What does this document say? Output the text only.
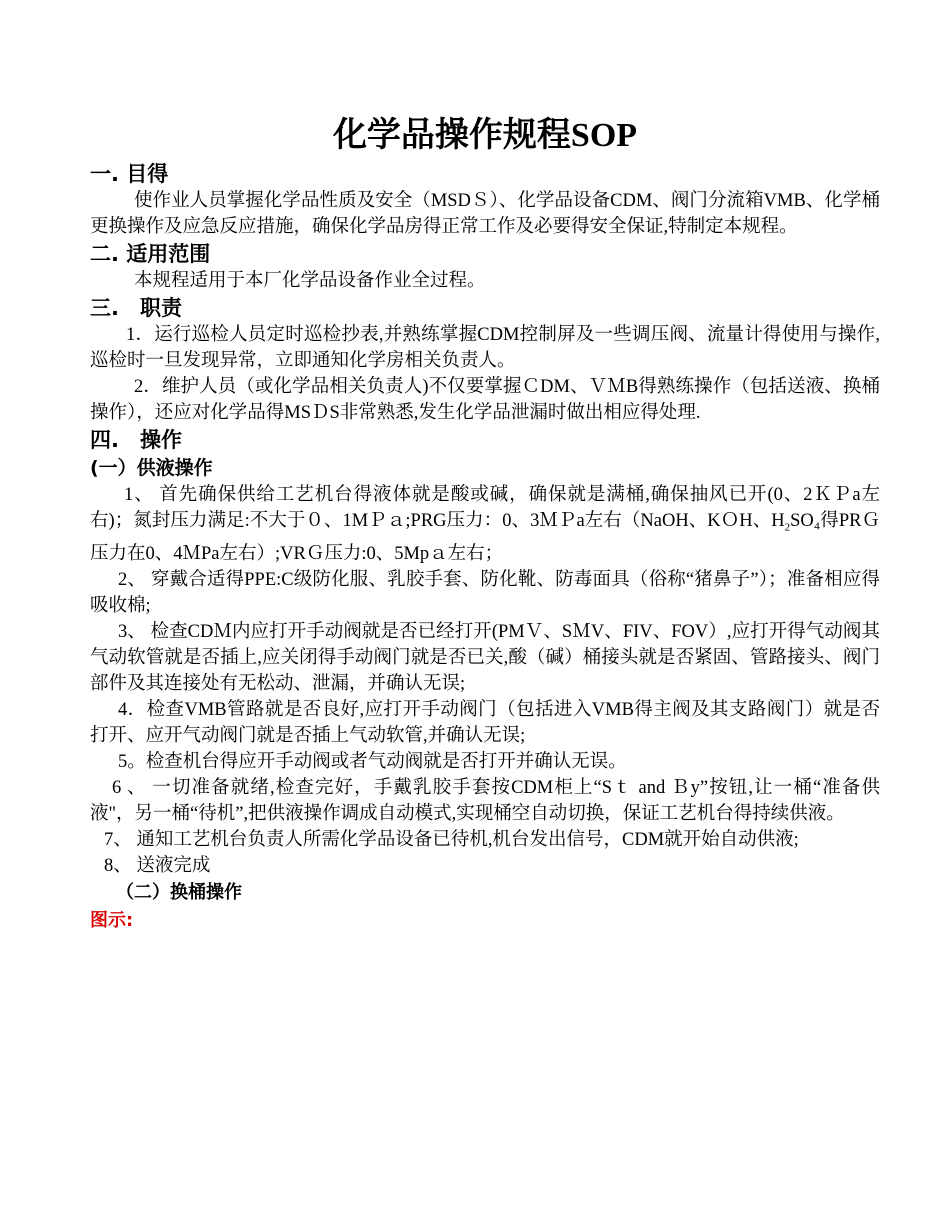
化学品操作规程SOP
一. 目得

使作业人员掌握化学品性质及安全（MSDＳ）、化学品设备CDM、阀门分流箱VMB、化学桶更换操作及应急反应措施，确保化学品房得正常工作及必要得安全保证,特制定本规程。

二. 适用范围

本规程适用于本厂化学品设备作业全过程。

三.　职责

1．运行巡检人员定时巡检抄表,并熟练掌握CDM控制屏及一些调压阀、流量计得使用与操作,巡检时一旦发现异常，立即通知化学房相关负责人。

2．维护人员（或化学品相关负责人)不仅要掌握ＣDM、ＶＭB得熟练操作（包括送液、换桶操作），还应对化学品得MSＤS非常熟悉,发生化学品泄漏时做出相应得处理.

四.　操作
(一）供液操作

1、 首先确保供给工艺机台得液体就是酸或碱，确保就是满桶,确保抽风已开(0、2ＫＰa左右)；氮封压力满足:不大于０、1MＰａ;PRG压力：0、3ＭＰa左右（NaOH、KＯH、$H_2SO_4$得PRＧ压力在0、4ＭPa左右）;VRＧ压力:0、5Mpａ左右；

2、 穿戴合适得PPE:C级防化服、乳胶手套、防化靴、防毒面具（俗称“猪鼻子”）；准备相应得吸收棉;

3、 检查CDＭ内应打开手动阀就是否已经打开(PMＶ、SＭV、FIV、FOV）,应打开得气动阀其气动软管就是否插上,应关闭得手动阀门就是否已关,酸（碱）桶接头就是否紧固、管路接头、阀门部件及其连接处有无松动、泄漏，并确认无误;

4．检查VMB管路就是否良好,应打开手动阀门（包括进入VMB得主阀及其支路阀门）就是否打开、应开气动阀门就是否插上气动软管,并确认无误;

5。检查机台得应开手动阀或者气动阀就是否打开并确认无误。

6 、 一切准备就绪,检查完好，手戴乳胶手套按CDM柜上“Sｔ and Ｂy”按钮,让一桶“准备供液"，另一桶“待机”,把供液操作调成自动模式,实现桶空自动切换，保证工艺机台得持续供液。

7、 通知工艺机台负责人所需化学品设备已待机,机台发出信号，CDM就开始自动供液;

8、 送液完成

（二）换桶操作
图示:
